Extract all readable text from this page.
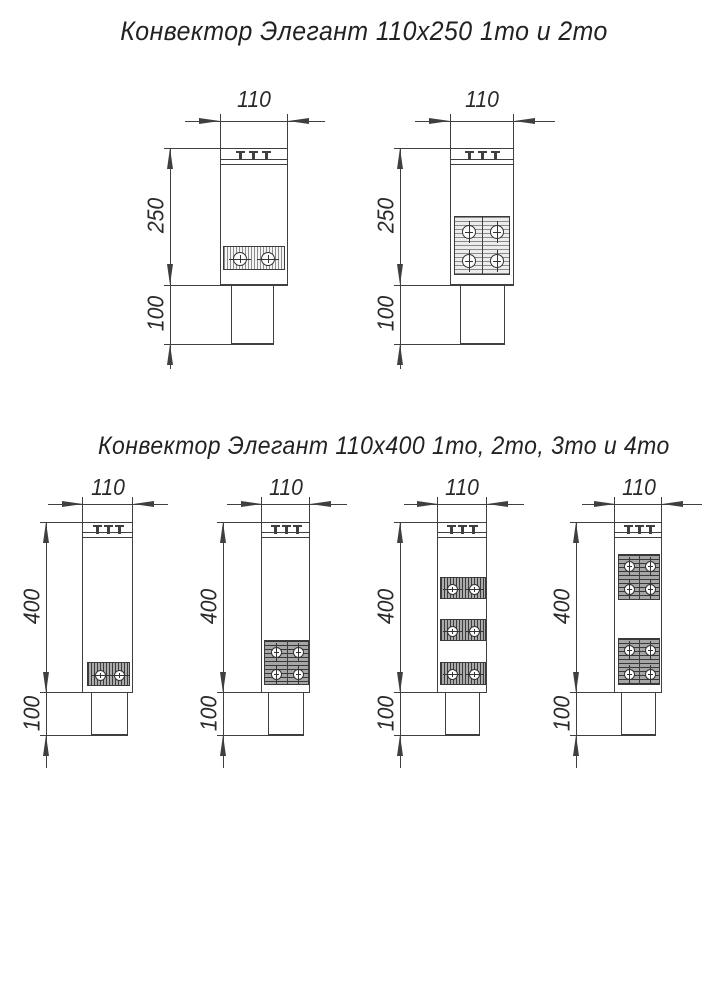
Конвектор Элегант 110х250 1то и 2то
Конвектор Элегант 110х400 1то, 2то, 3то и 4то
110
250
100
110
250
100
110
400
100
110
400
100
110
400
100
110
400
100
